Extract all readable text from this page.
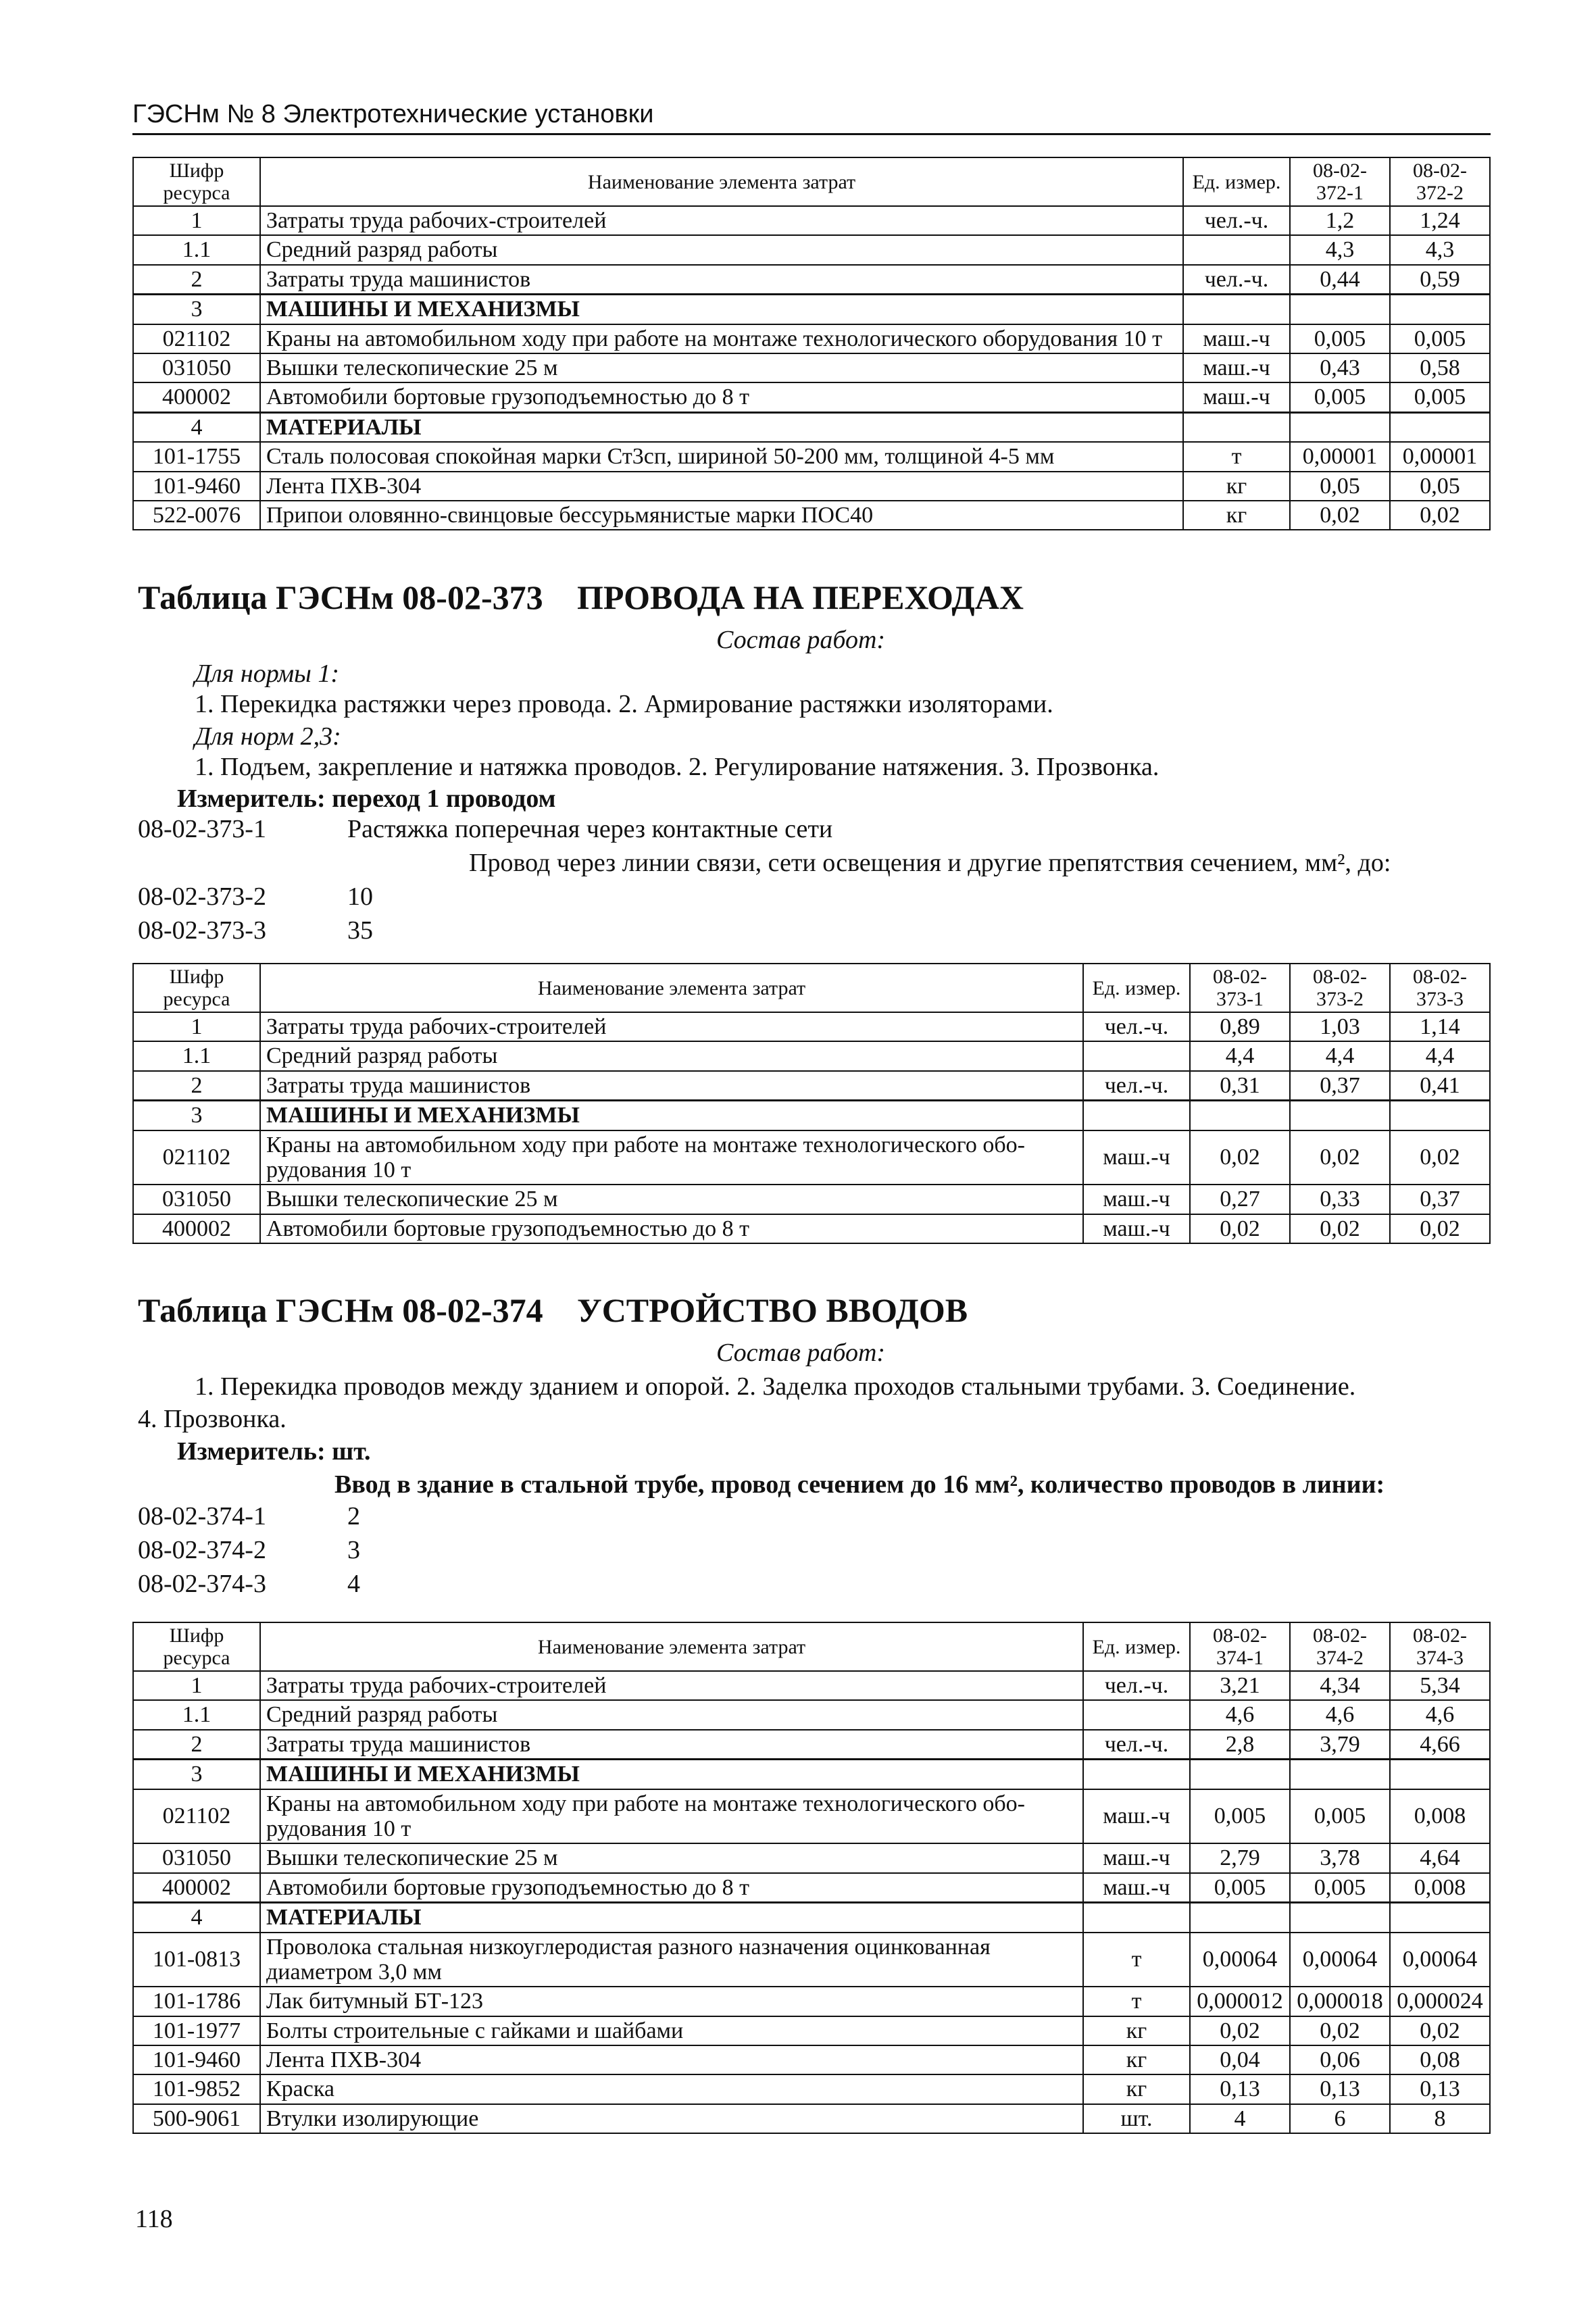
ГЭСНм № 8 Электротехнические установки
Шифр ресурса	Наименование элемента затрат	Ед. измер.	08-02-372-1	08-02-372-2
1	Затраты труда рабочих-строителей	чел.-ч.	1,2	1,24
1.1	Средний разряд работы		4,3	4,3
2	Затраты труда машинистов	чел.-ч.	0,44	0,59
3	МАШИНЫ И МЕХАНИЗМЫ			
021102	Краны на автомобильном ходу при работе на монтаже технологического оборудования 10 т	маш.-ч	0,005	0,005
031050	Вышки телескопические 25 м	маш.-ч	0,43	0,58
400002	Автомобили бортовые грузоподъемностью до 8 т	маш.-ч	0,005	0,005
4	МАТЕРИАЛЫ			
101-1755	Сталь полосовая спокойная марки Ст3сп, шириной 50-200 мм, толщиной 4-5 мм	т	0,00001	0,00001
101-9460	Лента ПХВ-304	кг	0,05	0,05
522-0076	Припои оловянно-свинцовые бессурьмянистые марки ПОС40	кг	0,02	0,02
Таблица ГЭСНм 08-02-373 ПРОВОДА НА ПЕРЕХОДАХ
Состав работ:
Для нормы 1:
1. Перекидка растяжки через провода. 2. Армирование растяжки изоляторами.
Для норм 2,3:
1. Подъем, закрепление и натяжка проводов. 2. Регулирование натяжения. 3. Прозвонка.
Измеритель: переход 1 проводом
08-02-373-1	Растяжка поперечная через контактные сети
Провод через линии связи, сети освещения и другие препятствия сечением, мм², до:
08-02-373-2	10
08-02-373-3	35
Шифр ресурса	Наименование элемента затрат	Ед. измер.	08-02-373-1	08-02-373-2	08-02-373-3
1	Затраты труда рабочих-строителей	чел.-ч.	0,89	1,03	1,14
1.1	Средний разряд работы		4,4	4,4	4,4
2	Затраты труда машинистов	чел.-ч.	0,31	0,37	0,41
3	МАШИНЫ И МЕХАНИЗМЫ				
021102	Краны на автомобильном ходу при работе на монтаже технологического обо-рудования 10 т	маш.-ч	0,02	0,02	0,02
031050	Вышки телескопические 25 м	маш.-ч	0,27	0,33	0,37
400002	Автомобили бортовые грузоподъемностью до 8 т	маш.-ч	0,02	0,02	0,02
Таблица ГЭСНм 08-02-374 УСТРОЙСТВО ВВОДОВ
Состав работ:
1. Перекидка проводов между зданием и опорой. 2. Заделка проходов стальными трубами. 3. Соединение.
4. Прозвонка.
Измеритель: шт.
Ввод в здание в стальной трубе, провод сечением до 16 мм², количество проводов в линии:
08-02-374-1	2
08-02-374-2	3
08-02-374-3	4
Шифр ресурса	Наименование элемента затрат	Ед. измер.	08-02-374-1	08-02-374-2	08-02-374-3
1	Затраты труда рабочих-строителей	чел.-ч.	3,21	4,34	5,34
1.1	Средний разряд работы		4,6	4,6	4,6
2	Затраты труда машинистов	чел.-ч.	2,8	3,79	4,66
3	МАШИНЫ И МЕХАНИЗМЫ				
021102	Краны на автомобильном ходу при работе на монтаже технологического обо-рудования 10 т	маш.-ч	0,005	0,005	0,008
031050	Вышки телескопические 25 м	маш.-ч	2,79	3,78	4,64
400002	Автомобили бортовые грузоподъемностью до 8 т	маш.-ч	0,005	0,005	0,008
4	МАТЕРИАЛЫ				
101-0813	Проволока стальная низкоуглеродистая разного назначения оцинкованная диаметром 3,0 мм	т	0,00064	0,00064	0,00064
101-1786	Лак битумный БТ-123	т	0,000012	0,000018	0,000024
101-1977	Болты строительные с гайками и шайбами	кг	0,02	0,02	0,02
101-9460	Лента ПХВ-304	кг	0,04	0,06	0,08
101-9852	Краска	кг	0,13	0,13	0,13
500-9061	Втулки изолирующие	шт.	4	6	8
118
